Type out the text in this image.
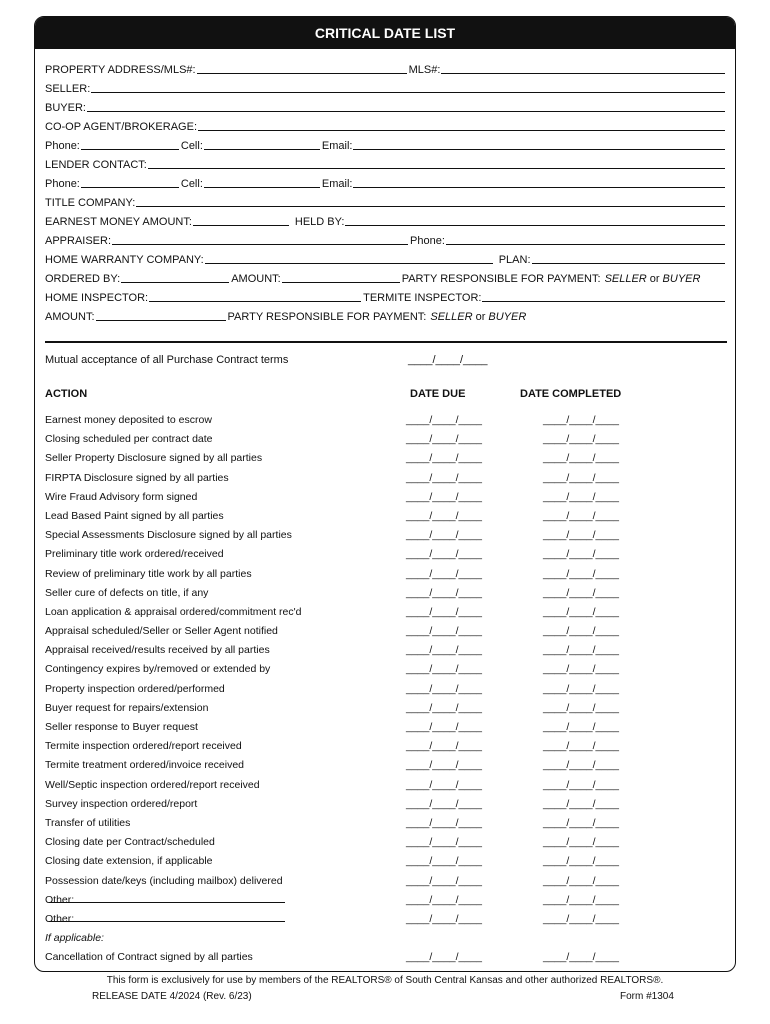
CRITICAL DATE LIST
PROPERTY ADDRESS/MLS#:	MLS#:
SELLER:
BUYER:
CO-OP AGENT/BROKERAGE:
Phone:	Cell:	Email:
LENDER CONTACT:
Phone:	Cell:	Email:
TITLE COMPANY:
EARNEST MONEY AMOUNT:	HELD BY:
APPRAISER:	Phone:
HOME WARRANTY COMPANY:	PLAN:
ORDERED BY:	AMOUNT:	PARTY RESPONSIBLE FOR PAYMENT: SELLER or BUYER
HOME INSPECTOR:	TERMITE INSPECTOR:
AMOUNT:	PARTY RESPONSIBLE FOR PAYMENT: SELLER or BUYER
Mutual acceptance of all Purchase Contract terms	____/____/____
ACTION	DATE DUE	DATE COMPLETED
Earnest money deposited to escrow	____/____/____	____/____/____
Closing scheduled per contract date	____/____/____	____/____/____
Seller Property Disclosure signed by all parties	____/____/____	____/____/____
FIRPTA Disclosure signed by all parties	____/____/____	____/____/____
Wire Fraud Advisory form signed	____/____/____	____/____/____
Lead Based Paint signed by all parties	____/____/____	____/____/____
Special Assessments Disclosure signed by all parties	____/____/____	____/____/____
Preliminary title work ordered/received	____/____/____	____/____/____
Review of preliminary title work by all parties	____/____/____	____/____/____
Seller cure of defects on title, if any	____/____/____	____/____/____
Loan application & appraisal ordered/commitment rec'd	____/____/____	____/____/____
Appraisal scheduled/Seller or Seller Agent notified	____/____/____	____/____/____
Appraisal received/results received by all parties	____/____/____	____/____/____
Contingency expires by/removed or extended by	____/____/____	____/____/____
Property inspection ordered/performed	____/____/____	____/____/____
Buyer request for repairs/extension	____/____/____	____/____/____
Seller response to Buyer request	____/____/____	____/____/____
Termite inspection ordered/report received	____/____/____	____/____/____
Termite treatment ordered/invoice received	____/____/____	____/____/____
Well/Septic inspection ordered/report received	____/____/____	____/____/____
Survey inspection ordered/report	____/____/____	____/____/____
Transfer of utilities	____/____/____	____/____/____
Closing date per Contract/scheduled	____/____/____	____/____/____
Closing date extension, if applicable	____/____/____	____/____/____
Possession date/keys (including mailbox) delivered	____/____/____	____/____/____
Other:	____/____/____	____/____/____
Other:	____/____/____	____/____/____
If applicable:
Cancellation of Contract signed by all parties	____/____/____	____/____/____
This form is exclusively for use by members of the REALTORS® of South Central Kansas and other authorized REALTORS®.
RELEASE DATE 4/2024 (Rev. 6/23)	Form #1304
